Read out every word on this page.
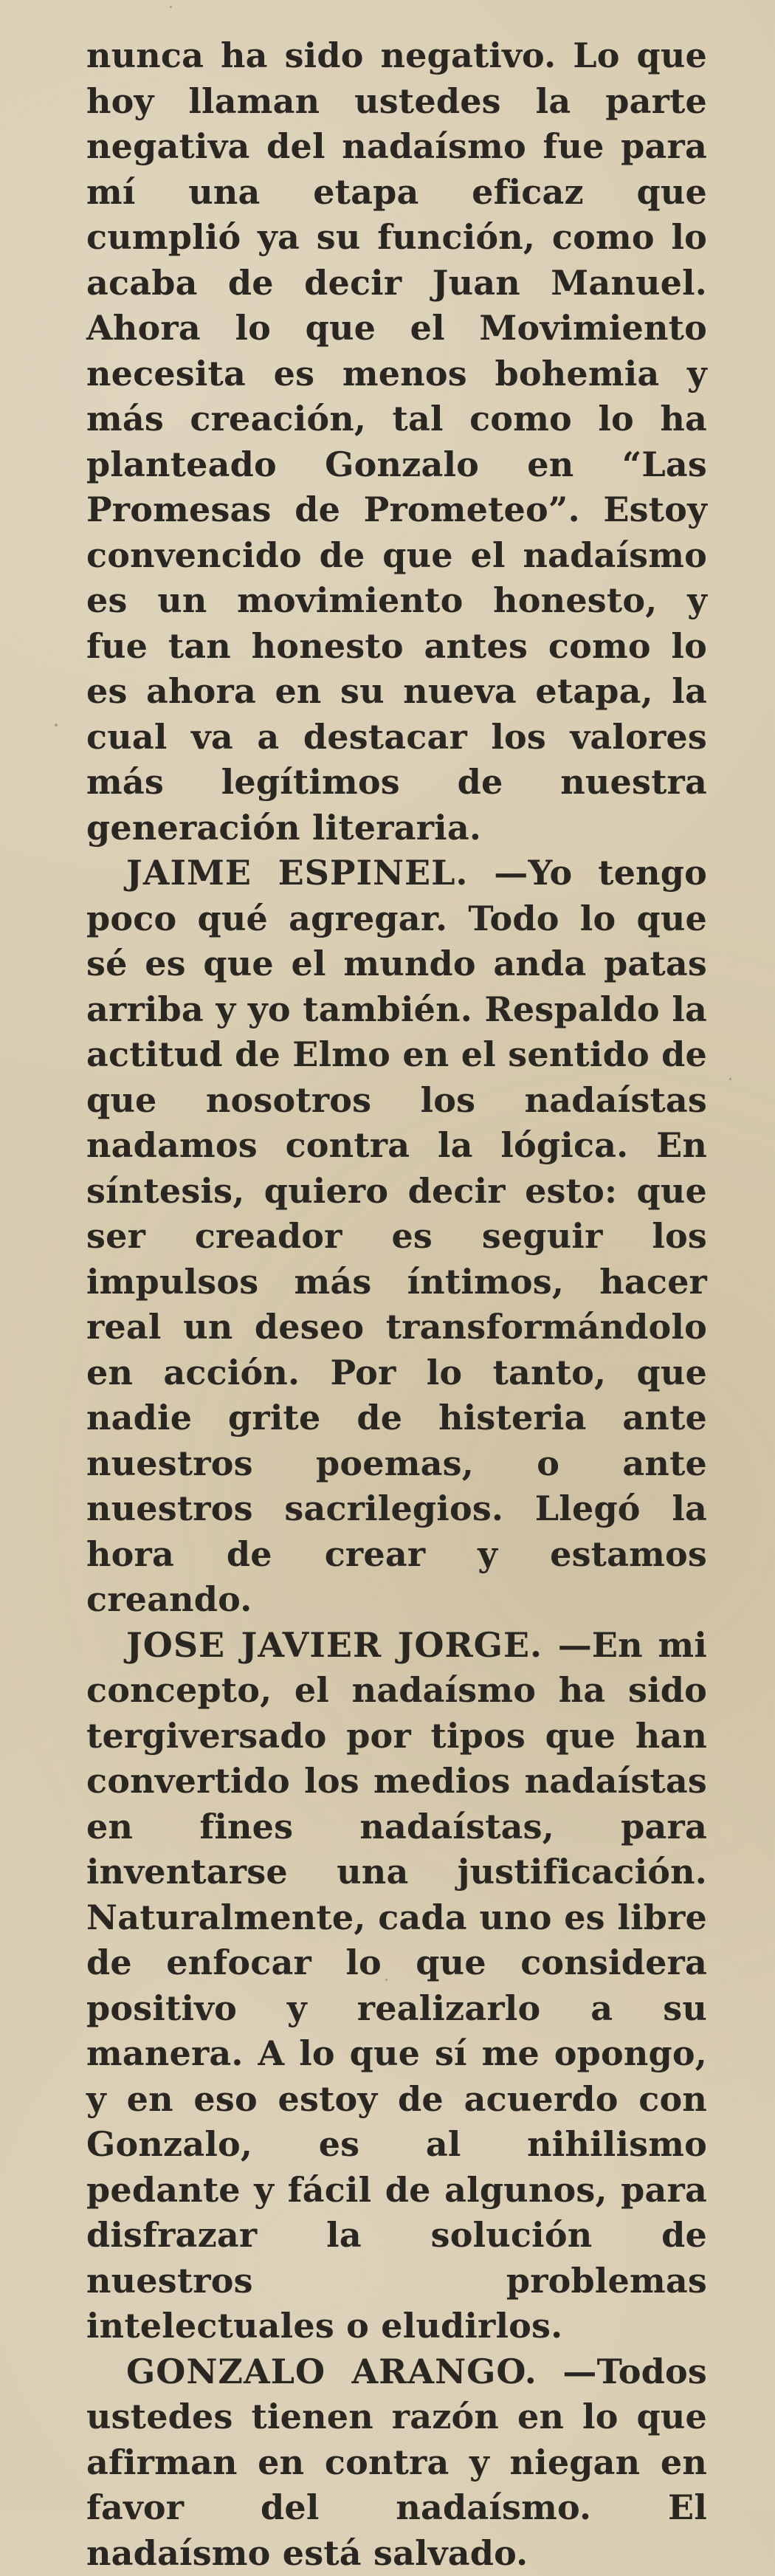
nunca ha sido negativo. Lo que hoy llaman ustedes la parte negativa del nadaísmo fue para mí una etapa eficaz que cumplió ya su función, como lo acaba de decir Juan Manuel. Ahora lo que el Movimiento necesita es menos bohemia y más creación, tal como lo ha planteado Gonzalo en “Las Promesas de Prometeo”. Estoy convencido de que el nadaísmo es un movimiento honesto, y fue tan honesto antes como lo es ahora en su nueva etapa, la cual va a destacar los valores más legítimos de nuestra generación literaria.

JAIME ESPINEL. —Yo tengo poco qué agregar. Todo lo que sé es que el mundo anda patas arriba y yo también. Respaldo la actitud de Elmo en el sentido de que nosotros los nadaístas nadamos contra la lógica. En síntesis, quiero decir esto: que ser creador es seguir los impulsos más íntimos, hacer real un deseo transformándolo en acción. Por lo tanto, que nadie grite de histeria ante nuestros poemas, o ante nuestros sacrilegios. Llegó la hora de crear y estamos creando.

JOSE JAVIER JORGE. —En mi concepto, el nadaísmo ha sido tergiversado por tipos que han convertido los medios nadaístas en fines nadaístas, para inventarse una justificación. Naturalmente, cada uno es libre de enfocar lo que considera positivo y realizarlo a su manera. A lo que sí me opongo, y en eso estoy de acuerdo con Gonzalo, es al nihilismo pedante y fácil de algunos, para disfrazar la solución de nuestros problemas intelectuales o eludirlos.

GONZALO ARANGO. —Todos ustedes tienen razón en lo que afirman en contra y niegan en favor del nadaísmo. El nadaísmo está salvado.
